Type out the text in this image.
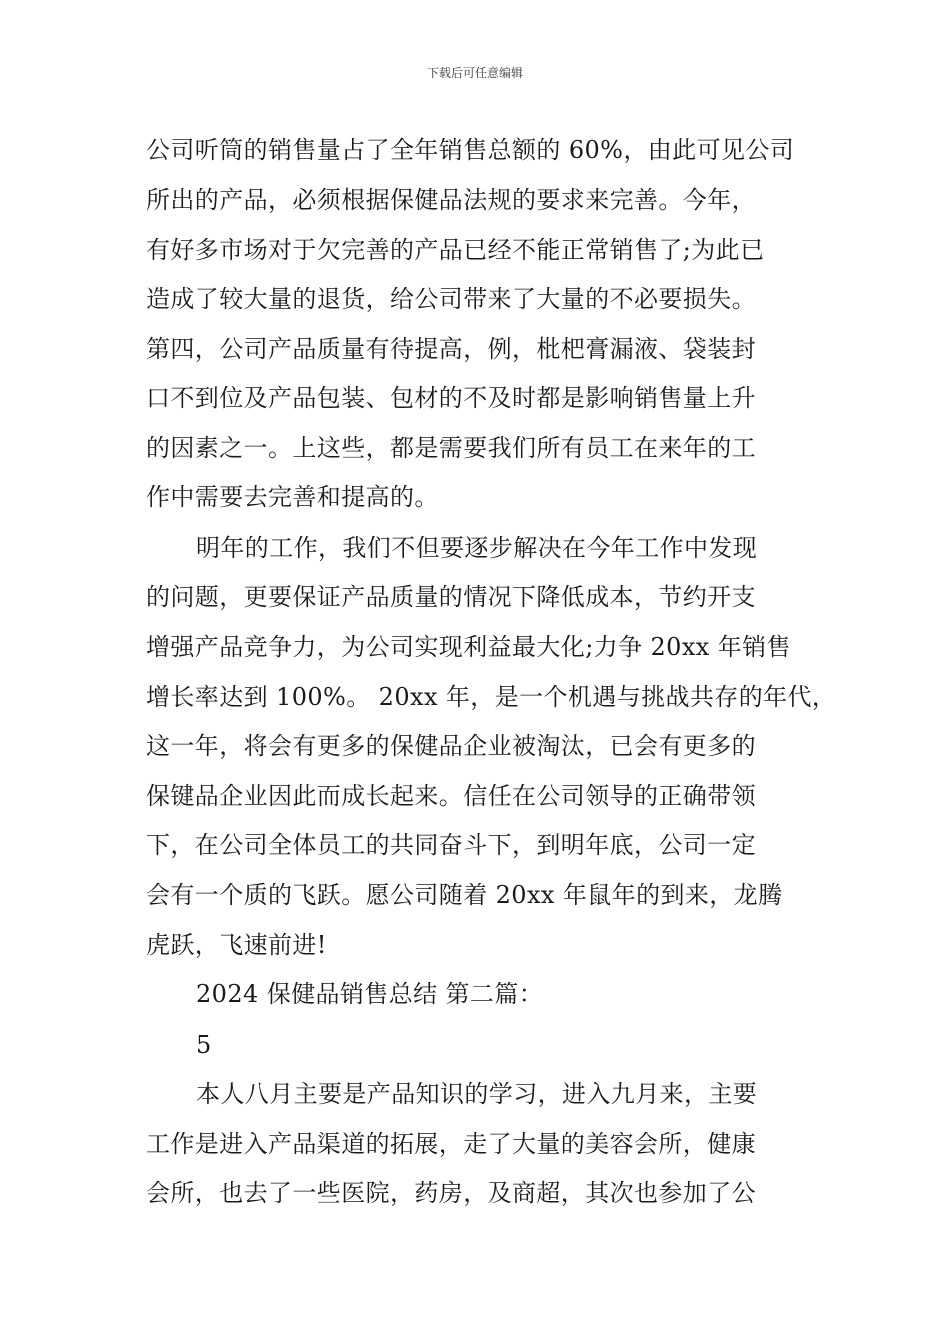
下载后可任意编辑
公司听筒的销售量占了全年销售总额的 60%，由此可见公司
所出的产品，必须根据保健品法规的要求来完善。今年，
有好多市场对于欠完善的产品已经不能正常销售了;为此已
造成了较大量的退货，给公司带来了大量的不必要损失。
第四，公司产品质量有待提高，例，枇杷膏漏液、袋装封
口不到位及产品包装、包材的不及时都是影响销售量上升
的因素之一。上这些，都是需要我们所有员工在来年的工
作中需要去完善和提高的。
明年的工作，我们不但要逐步解决在今年工作中发现
的问题，更要保证产品质量的情况下降低成本，节约开支
增强产品竞争力，为公司实现利益最大化;力争 20xx 年销售
增长率达到 100%。 20xx 年，是一个机遇与挑战共存的年代，
这一年，将会有更多的保健品企业被淘汰，已会有更多的
保键品企业因此而成长起来。信任在公司领导的正确带领
下，在公司全体员工的共同奋斗下，到明年底，公司一定
会有一个质的飞跃。愿公司随着 20xx 年鼠年的到来，龙腾
虎跃，飞速前进!
2024 保健品销售总结 第二篇：
5
本人八月主要是产品知识的学习，进入九月来，主要
工作是进入产品渠道的拓展，走了大量的美容会所，健康
会所，也去了一些医院，药房，及商超，其次也参加了公
